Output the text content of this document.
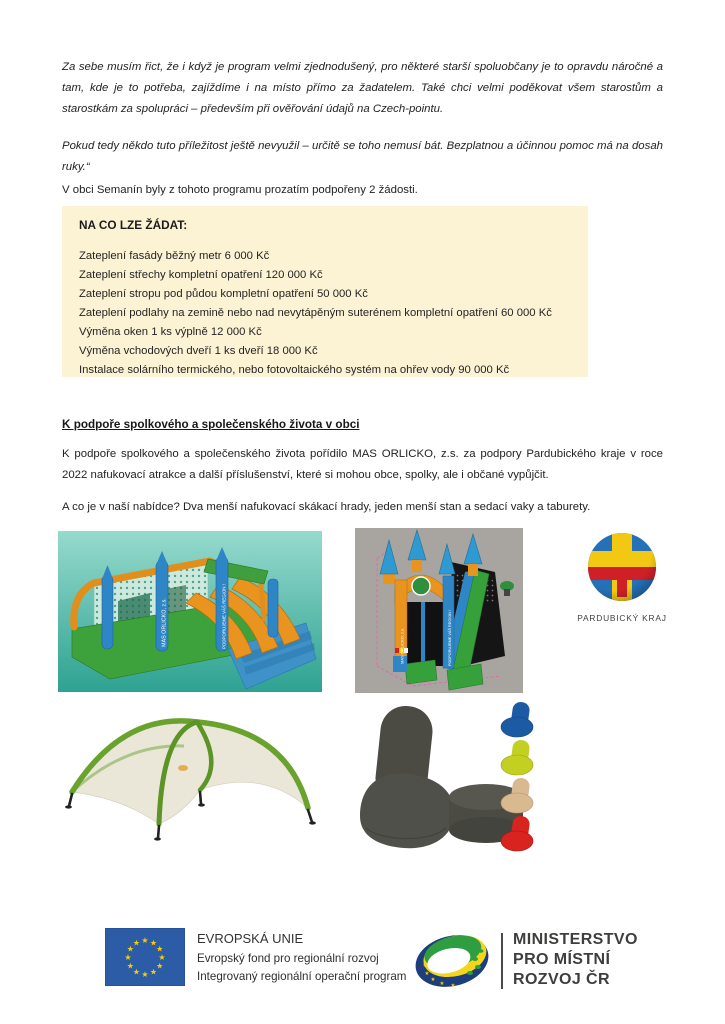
Za sebe musím řict, že i když je program velmi zjednodušený, pro některé starší spoluobčany je to opravdu náročné a tam, kde je to potřeba, zajíždíme i na místo přímo za žadatelem. Také chci velmi poděkovat všem starostům a starostkám za spolupráci – především při ověřování údajů na Czech-pointu.
Pokud tedy někdo tuto příležitost ještě nevyužil – určitě se toho nemusí bát. Bezplatnou a účinnou pomoc má na dosah ruky.“
V obci Semanín byly z tohoto programu prozatím podpořeny 2 žádosti.
NA CO LZE ŽÁDAT:
Zateplení fasády běžný metr 6 000 Kč
Zateplení střechy kompletní opatření 120 000 Kč
Zateplení stropu pod půdou kompletní opatření 50 000 Kč
Zateplení podlahy na zemině nebo nad nevytápěným suterénem kompletní opatření 60 000 Kč
Výměna oken 1 ks výplně 12 000 Kč
Výměna vchodových dveří 1 ks dveří 18 000 Kč
Instalace solárního termického, nebo fotovoltaického systém na ohřev vody 90 000 Kč
K podpoře spolkového a společenského života v obci
K podpoře spolkového a společenského života pořídilo MAS ORLICKO, z.s. za podpory Pardubického kraje v roce 2022 nafukovací atrakce a další příslušenství, které si mohou obce, spolky, ale i občané vypůjčit.
A co je v naší nabídce? Dva menší nafukovací skákací hrady, jeden menší stan a sedací vaky a taburety.
MAS ORLICKO, z.s.	PODPORUJEME VÁŠ REGION !	MAS ORLICKO, z.s.	PODPORUJEME VÁŠ REGION !	PARDUBICKÝ KRAJ
★ ★
★
★
★
★
★
★
★
★
★
★	EVROPSKÁ UNIE
Evropský fond pro regionální rozvoj
Integrovaný regionální operační program
★
★
★
★ ★
MINISTERSTVO
PRO MÍSTNÍ
ROZVOJ ČR
